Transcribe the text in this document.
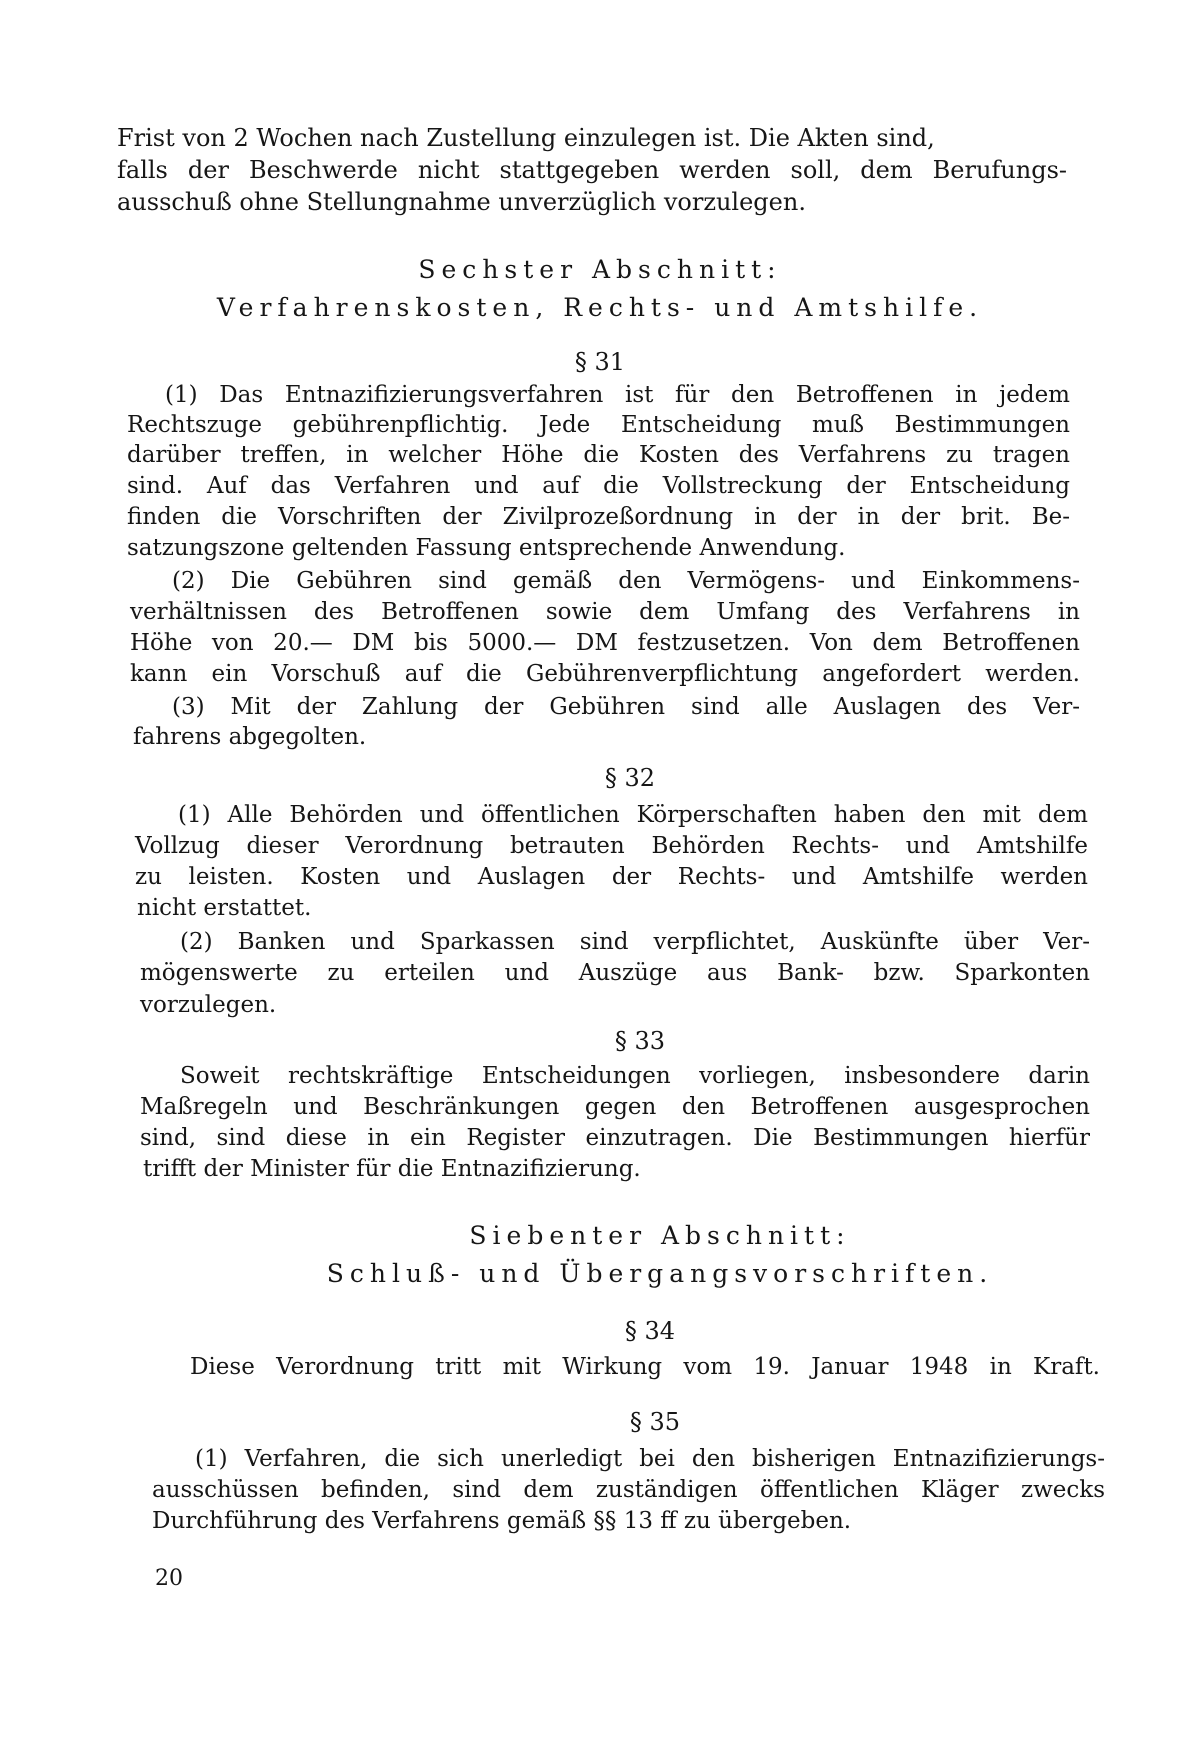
Frist von 2 Wochen nach Zustellung einzulegen ist. Die Akten sind,
falls der Beschwerde nicht stattgegeben werden soll, dem Berufungs-
ausschuß ohne Stellungnahme unverzüglich vorzulegen.
Sechster Abschnitt:
Verfahrenskosten, Rechts- und Amtshilfe.
§ 31
(1) Das Entnazifizierungsverfahren ist für den Betroffenen in jedem
Rechtszuge gebührenpflichtig. Jede Entscheidung muß Bestimmungen
darüber treffen, in welcher Höhe die Kosten des Verfahrens zu tragen
sind. Auf das Verfahren und auf die Vollstreckung der Entscheidung
finden die Vorschriften der Zivilprozeßordnung in der in der brit. Be-
satzungszone geltenden Fassung entsprechende Anwendung.
(2) Die Gebühren sind gemäß den Vermögens- und Einkommens-
verhältnissen des Betroffenen sowie dem Umfang des Verfahrens in
Höhe von 20.— DM bis 5000.— DM festzusetzen. Von dem Betroffenen
kann ein Vorschuß auf die Gebührenverpflichtung angefordert werden.
(3) Mit der Zahlung der Gebühren sind alle Auslagen des Ver-
fahrens abgegolten.
§ 32
(1) Alle Behörden und öffentlichen Körperschaften haben den mit dem
Vollzug dieser Verordnung betrauten Behörden Rechts- und Amtshilfe
zu leisten. Kosten und Auslagen der Rechts- und Amtshilfe werden
nicht erstattet.
(2) Banken und Sparkassen sind verpflichtet, Auskünfte über Ver-
mögenswerte zu erteilen und Auszüge aus Bank- bzw. Sparkonten
vorzulegen.
§ 33
Soweit rechtskräftige Entscheidungen vorliegen, insbesondere darin
Maßregeln und Beschränkungen gegen den Betroffenen ausgesprochen
sind, sind diese in ein Register einzutragen. Die Bestimmungen hierfür
trifft der Minister für die Entnazifizierung.
Siebenter Abschnitt:
Schluß- und Übergangsvorschriften.
§ 34
Diese Verordnung tritt mit Wirkung vom 19. Januar 1948 in Kraft.
§ 35
(1) Verfahren, die sich unerledigt bei den bisherigen Entnazifizierungs-
ausschüssen befinden, sind dem zuständigen öffentlichen Kläger zwecks
Durchführung des Verfahrens gemäß §§ 13 ff zu übergeben.
20
